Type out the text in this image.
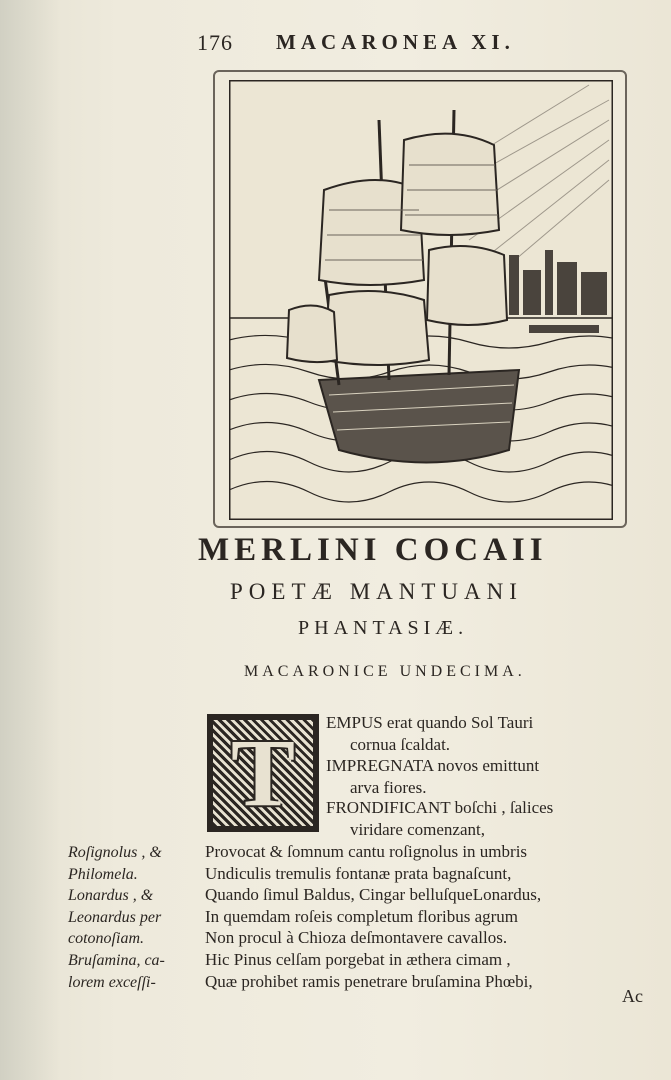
176 MACARONEA XI.
MERLINI COCAII
POETÆ MANTUANI
PHANTASIÆ.
MACARONICE UNDECIMA.
T EMPUS erat quando Sol Tauri
cornua ſcaldat.
IMPREGNATA novos emittunt
arva fiores.
FRONDIFICANT boſchi , ſalices
viridare comenzant,
Provocat & ſomnum cantu roſignolus in umbris
Undiculis tremulis fontanæ prata bagnaſcunt,
Quando ſimul Baldus, Cingar belluſqueLonardus,
In quemdam roſeis completum floribus agrum
Non procul à Chioza deſmontavere cavallos.
Hic Pinus celſam porgebat in æthera cimam ,
Quæ prohibet ramis penetrare bruſamina Phœbi,
Roſignolus , &
Philomela.
Lonardus , &
Leonardus per
cotonoſiam.
Bruſamina, ca-
lorem exceſſi-
Ac
